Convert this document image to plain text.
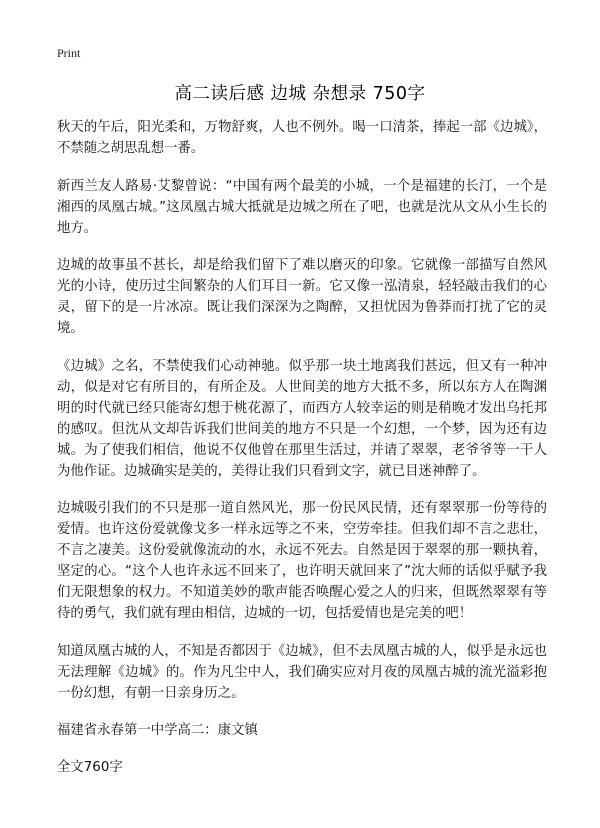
Print
高二读后感 边城 杂想录 750字

秋天的午后，阳光柔和，万物舒爽，人也不例外。喝一口清茶，捧起一部《边城》，不禁随之胡思乱想一番。

新西兰友人路易·艾黎曾说：“中国有两个最美的小城，一个是福建的长汀，一个是湘西的凤凰古城。”这凤凰古城大抵就是边城之所在了吧，也就是沈从文从小生长的地方。

边城的故事虽不甚长，却是给我们留下了难以磨灭的印象。它就像一部描写自然风光的小诗，使历过尘间繁杂的人们耳目一新。它又像一泓清泉，轻轻敲击我们的心灵，留下的是一片冰凉。既让我们深深为之陶醉，又担忧因为鲁莽而打扰了它的灵境。

《边城》之名，不禁使我们心动神驰。似乎那一块土地离我们甚远，但又有一种冲动，似是对它有所目的，有所企及。人世间美的地方大抵不多，所以东方人在陶渊明的时代就已经只能寄幻想于桃花源了，而西方人较幸运的则是稍晚才发出乌托邦的感叹。但沈从文却告诉我们世间美的地方不只是一个幻想，一个梦，因为还有边城。为了使我们相信，他说不仅他曾在那里生活过，并请了翠翠，老爷爷等一干人为他作证。边城确实是美的，美得让我们只看到文字，就已目迷神醉了。

边城吸引我们的不只是那一道自然风光，那一份民风民情，还有翠翠那一份等待的爱情。也许这份爱就像戈多一样永远等之不来，空劳牵挂。但我们却不言之悲壮，不言之凄美。这份爱就像流动的水，永远不死去。自然是因于翠翠的那一颗执着，坚定的心。“这个人也许永远不回来了，也许明天就回来了”沈大师的话似乎赋予我们无限想象的权力。不知道美妙的歌声能否唤醒心爱之人的归来，但既然翠翠有等待的勇气，我们就有理由相信，边城的一切，包括爱情也是完美的吧！

知道凤凰古城的人，不知是否都因于《边城》，但不去凤凰古城的人，似乎是永远也无法理解《边城》的。作为凡尘中人，我们确实应对月夜的凤凰古城的流光溢彩抱一份幻想，有朝一日亲身历之。

福建省永春第一中学高二：康文镇

全文760字
